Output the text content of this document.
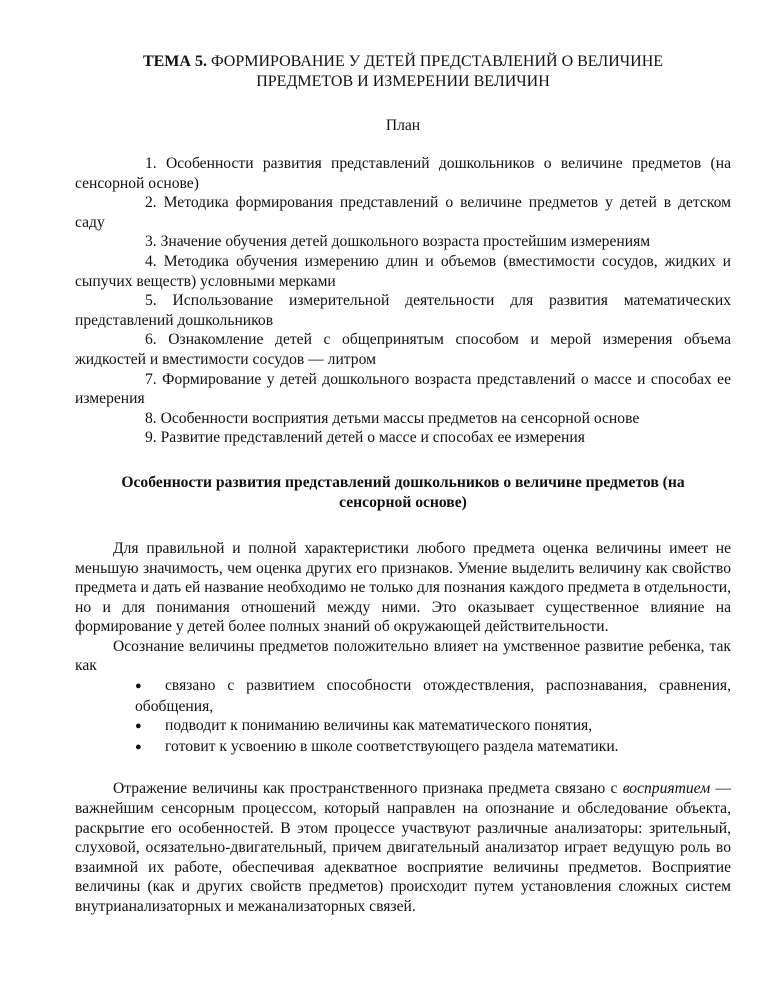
ТЕМА 5. ФОРМИРОВАНИЕ У ДЕТЕЙ ПРЕДСТАВЛЕНИЙ О ВЕЛИЧИНЕ
ПРЕДМЕТОВ И ИЗМЕРЕНИИ ВЕЛИЧИН

План

1. Особенности развития представлений дошкольников о величине предметов (на сенсорной основе)

2. Методика формирования представлений о величине предметов у детей в детском саду

3. Значение обучения детей дошкольного возраста простейшим измерениям

4. Методика обучения измерению длин и объемов (вместимости сосудов, жидких и сыпучих веществ) условными мерками

5. Использование измерительной деятельности для развития математических представлений дошкольников

6. Ознакомление детей с общепринятым способом и мерой измерения объема жидкостей и вместимости сосудов — литром

7. Формирование у детей дошкольного возраста представлений о массе и способах ее измерения

8. Особенности восприятия детьми массы предметов на сенсорной основе

9. Развитие представлений детей о массе и способах ее измерения

Особенности развития представлений дошкольников о величине предметов (на сенсорной основе)

Для правильной и полной характеристики любого предмета оценка величины имеет не меньшую значимость, чем оценка других его признаков. Умение выделить величину как свойство предмета и дать ей название необходимо не только для познания каждого предмета в отдельности, но и для понимания отношений между ними. Это оказывает существенное влияние на формирование у детей более полных знаний об окружающей действительности.

Осознание величины предметов положительно влияет на умственное развитие ребенка, так как

● связано с развитием способности отождествления, распознавания, сравнения, обобщения,

● подводит к пониманию величины как математического понятия,

● готовит к усвоению в школе соответствующего раздела математики.

Отражение величины как пространственного признака предмета связано с восприятием — важнейшим сенсорным процессом, который направлен на опознание и обследование объекта, раскрытие его особенностей. В этом процессе участвуют различные анализаторы: зрительный, слуховой, осязательно-двигательный, причем двигательный анализатор играет ведущую роль во взаимной их работе, обеспечивая адекватное восприятие величины предметов. Восприятие величины (как и других свойств предметов) происходит путем установления сложных систем внутрианализаторных и межанализаторных связей.
